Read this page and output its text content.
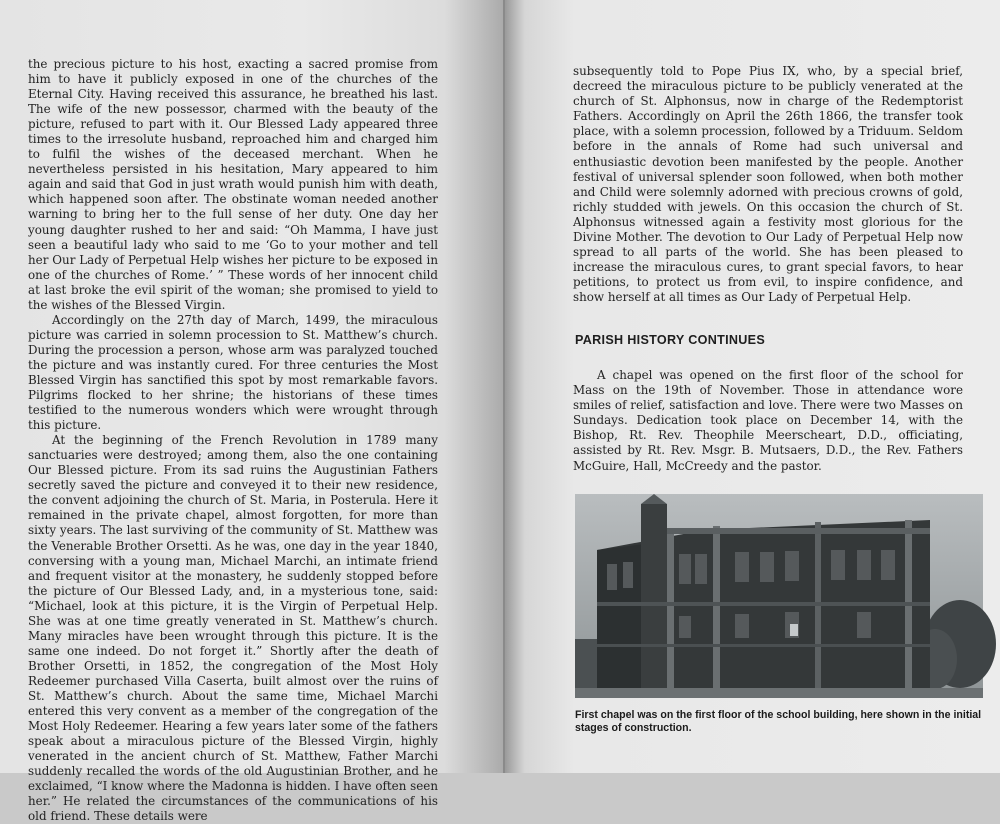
the precious picture to his host, exacting a sacred promise from him to have it publicly exposed in one of the churches of the Eternal City. Having received this assurance, he breathed his last. The wife of the new possessor, charmed with the beauty of the picture, refused to part with it. Our Blessed Lady appeared three times to the irresolute husband, reproached him and charged him to fulfil the wishes of the deceased merchant. When he nevertheless persisted in his hesitation, Mary appeared to him again and said that God in just wrath would punish him with death, which happened soon after. The obstinate woman needed another warning to bring her to the full sense of her duty. One day her young daughter rushed to her and said: “Oh Mamma, I have just seen a beautiful lady who said to me ‘Go to your mother and tell her Our Lady of Perpetual Help wishes her picture to be exposed in one of the churches of Rome.’ ” These words of her innocent child at last broke the evil spirit of the woman; she promised to yield to the wishes of the Blessed Virgin.

Accordingly on the 27th day of March, 1499, the miraculous picture was carried in solemn procession to St. Matthew’s church. During the procession a person, whose arm was paralyzed touched the picture and was instantly cured. For three centuries the Most Blessed Virgin has sanctified this spot by most remarkable favors. Pilgrims flocked to her shrine; the historians of these times testified to the numerous wonders which were wrought through this picture.

At the beginning of the French Revolution in 1789 many sanctuaries were destroyed; among them, also the one containing Our Blessed picture. From its sad ruins the Augustinian Fathers secretly saved the picture and conveyed it to their new residence, the convent adjoining the church of St. Maria, in Posterula. Here it remained in the private chapel, almost forgotten, for more than sixty years. The last surviving of the community of St. Matthew was the Venerable Brother Orsetti. As he was, one day in the year 1840, conversing with a young man, Michael Marchi, an intimate friend and frequent visitor at the monastery, he suddenly stopped before the picture of Our Blessed Lady, and, in a mysterious tone, said: “Michael, look at this picture, it is the Virgin of Perpetual Help. She was at one time greatly venerated in St. Matthew’s church. Many miracles have been wrought through this picture. It is the same one indeed. Do not forget it.” Shortly after the death of Brother Orsetti, in 1852, the congregation of the Most Holy Redeemer purchased Villa Caserta, built almost over the ruins of St. Matthew’s church. About the same time, Michael Marchi entered this very convent as a member of the congregation of the Most Holy Redeemer. Hearing a few years later some of the fathers speak about a miraculous picture of the Blessed Virgin, highly venerated in the ancient church of St. Matthew, Father Marchi suddenly recalled the words of the old Augustinian Brother, and he exclaimed, “I know where the Madonna is hidden. I have often seen her.” He related the circumstances of the communications of his old friend. These details were

subsequently told to Pope Pius IX, who, by a special brief, decreed the miraculous picture to be publicly venerated at the church of St. Alphonsus, now in charge of the Redemptorist Fathers. Accordingly on April the 26th 1866, the transfer took place, with a solemn procession, followed by a Triduum. Seldom before in the annals of Rome had such universal and enthusiastic devotion been manifested by the people. Another festival of universal splender soon followed, when both mother and Child were solemnly adorned with precious crowns of gold, richly studded with jewels. On this occasion the church of St. Alphonsus witnessed again a festivity most glorious for the Divine Mother. The devotion to Our Lady of Perpetual Help now spread to all parts of the world. She has been pleased to increase the miraculous cures, to grant special favors, to hear petitions, to protect us from evil, to inspire confidence, and show herself at all times as Our Lady of Perpetual Help.

PARISH HISTORY CONTINUES

A chapel was opened on the first floor of the school for Mass on the 19th of November. Those in attendance wore smiles of relief, satisfaction and love. There were two Masses on Sundays. Dedication took place on December 14, with the Bishop, Rt. Rev. Theophile Meerscheart, D.D., officiating, assisted by Rt. Rev. Msgr. B. Mutsaers, D.D., the Rev. Fathers McGuire, Hall, McCreedy and the pastor.

First chapel was on the first floor of the school building, here shown in the initial stages of construction.
